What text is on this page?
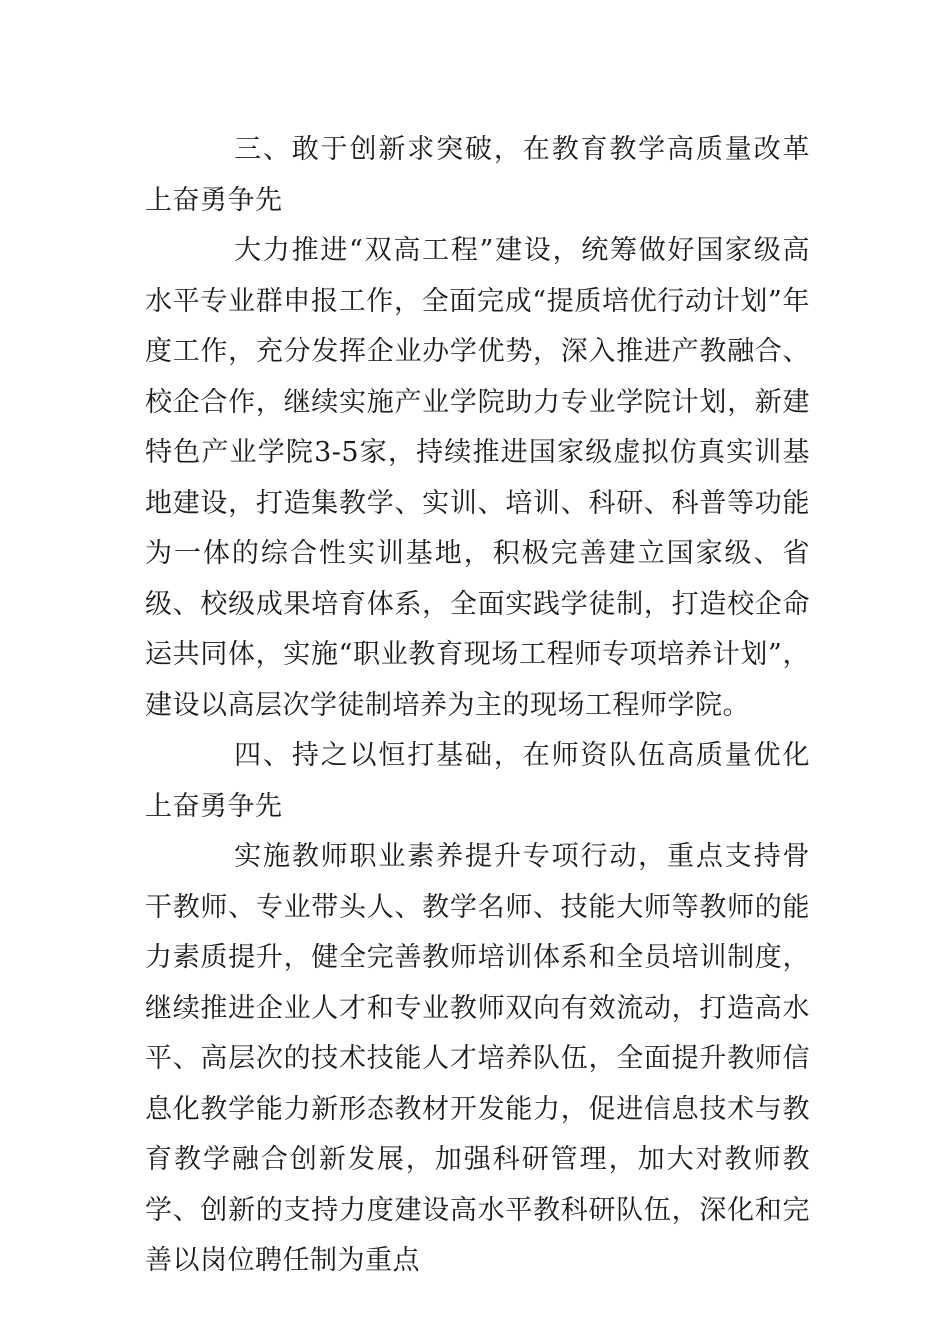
三、敢于创新求突破，在教育教学高质量改革上奋勇争先

大力推进“双高工程”建设，统筹做好国家级高水平专业群申报工作，全面完成“提质培优行动计划”年度工作，充分发挥企业办学优势，深入推进产教融合、校企合作，继续实施产业学院助力专业学院计划，新建特色产业学院3-5家，持续推进国家级虚拟仿真实训基地建设，打造集教学、实训、培训、科研、科普等功能为一体的综合性实训基地，积极完善建立国家级、省级、校级成果培育体系，全面实践学徒制，打造校企命运共同体，实施“职业教育现场工程师专项培养计划”，建设以高层次学徒制培养为主的现场工程师学院。

四、持之以恒打基础，在师资队伍高质量优化上奋勇争先

实施教师职业素养提升专项行动，重点支持骨干教师、专业带头人、教学名师、技能大师等教师的能力素质提升，健全完善教师培训体系和全员培训制度，继续推进企业人才和专业教师双向有效流动，打造高水平、高层次的技术技能人才培养队伍，全面提升教师信息化教学能力新形态教材开发能力，促进信息技术与教育教学融合创新发展，加强科研管理，加大对教师教学、创新的支持力度建设高水平教科研队伍，深化和完善以岗位聘任制为重点
